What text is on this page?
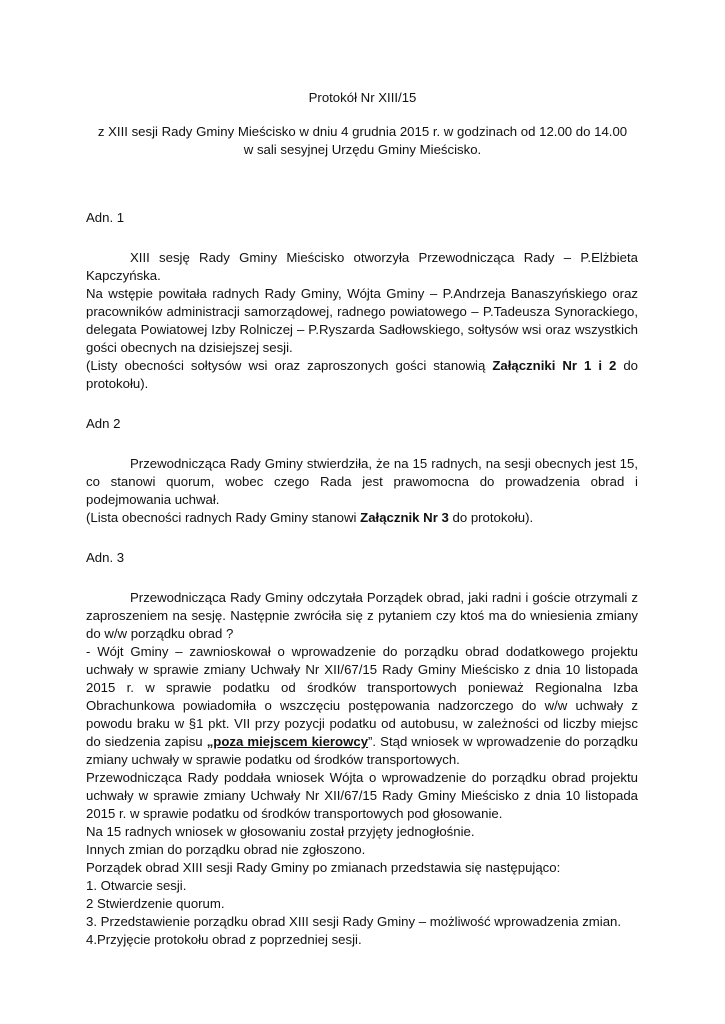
Protokół Nr XIII/15
z XIII sesji Rady Gminy Mieścisko w dniu 4 grudnia 2015 r. w godzinach od 12.00 do 14.00
w sali sesyjnej Urzędu Gminy Mieścisko.
Adn. 1
XIII sesję Rady Gminy Mieścisko otworzyła Przewodnicząca Rady – P.Elżbieta Kapczyńska.
Na wstępie powitała radnych Rady Gminy, Wójta Gminy – P.Andrzeja Banaszyńskiego oraz pracowników administracji samorządowej, radnego powiatowego – P.Tadeusza Synorackiego, delegata Powiatowej Izby Rolniczej – P.Ryszarda Sadłowskiego, sołtysów wsi oraz wszystkich gości obecnych na dzisiejszej sesji.
(Listy obecności sołtysów wsi oraz zaproszonych gości stanowią Załączniki Nr 1 i 2 do protokołu).
Adn 2
Przewodnicząca Rady Gminy stwierdziła, że na 15 radnych, na sesji obecnych jest 15, co stanowi quorum, wobec czego Rada jest prawomocna do prowadzenia obrad i podejmowania uchwał.
(Lista obecności radnych Rady Gminy stanowi Załącznik Nr 3 do protokołu).
Adn. 3
Przewodnicząca Rady Gminy odczytała Porządek obrad, jaki radni i goście otrzymali z zaproszeniem na sesję. Następnie zwróciła się z pytaniem czy ktoś ma do wniesienia zmiany do w/w porządku obrad ?
- Wójt Gminy – zawnioskował o wprowadzenie do porządku obrad dodatkowego projektu uchwały w sprawie zmiany Uchwały Nr XII/67/15 Rady Gminy Mieścisko z dnia 10 listopada 2015 r. w sprawie podatku od środków transportowych ponieważ Regionalna Izba Obrachunkowa powiadomiła o wszczęciu postępowania nadzorczego do w/w uchwały z powodu braku w §1 pkt. VII przy pozycji podatku od autobusu, w zależności od liczby miejsc do siedzenia zapisu „poza miejscem kierowcy”. Stąd wniosek w wprowadzenie do porządku zmiany uchwały w sprawie podatku od środków transportowych.
Przewodnicząca Rady poddała wniosek Wójta o wprowadzenie do porządku obrad projektu uchwały w sprawie zmiany Uchwały Nr XII/67/15 Rady Gminy Mieścisko z dnia 10 listopada 2015 r. w sprawie podatku od środków transportowych pod głosowanie.
Na 15 radnych wniosek w głosowaniu został przyjęty jednogłośnie.
Innych zmian do porządku obrad nie zgłoszono.
Porządek obrad XIII sesji Rady Gminy po zmianach przedstawia się następująco:
1. Otwarcie sesji.
2 Stwierdzenie quorum.
3. Przedstawienie porządku obrad XIII sesji Rady Gminy – możliwość wprowadzenia zmian.
4.Przyjęcie protokołu obrad z poprzedniej sesji.
